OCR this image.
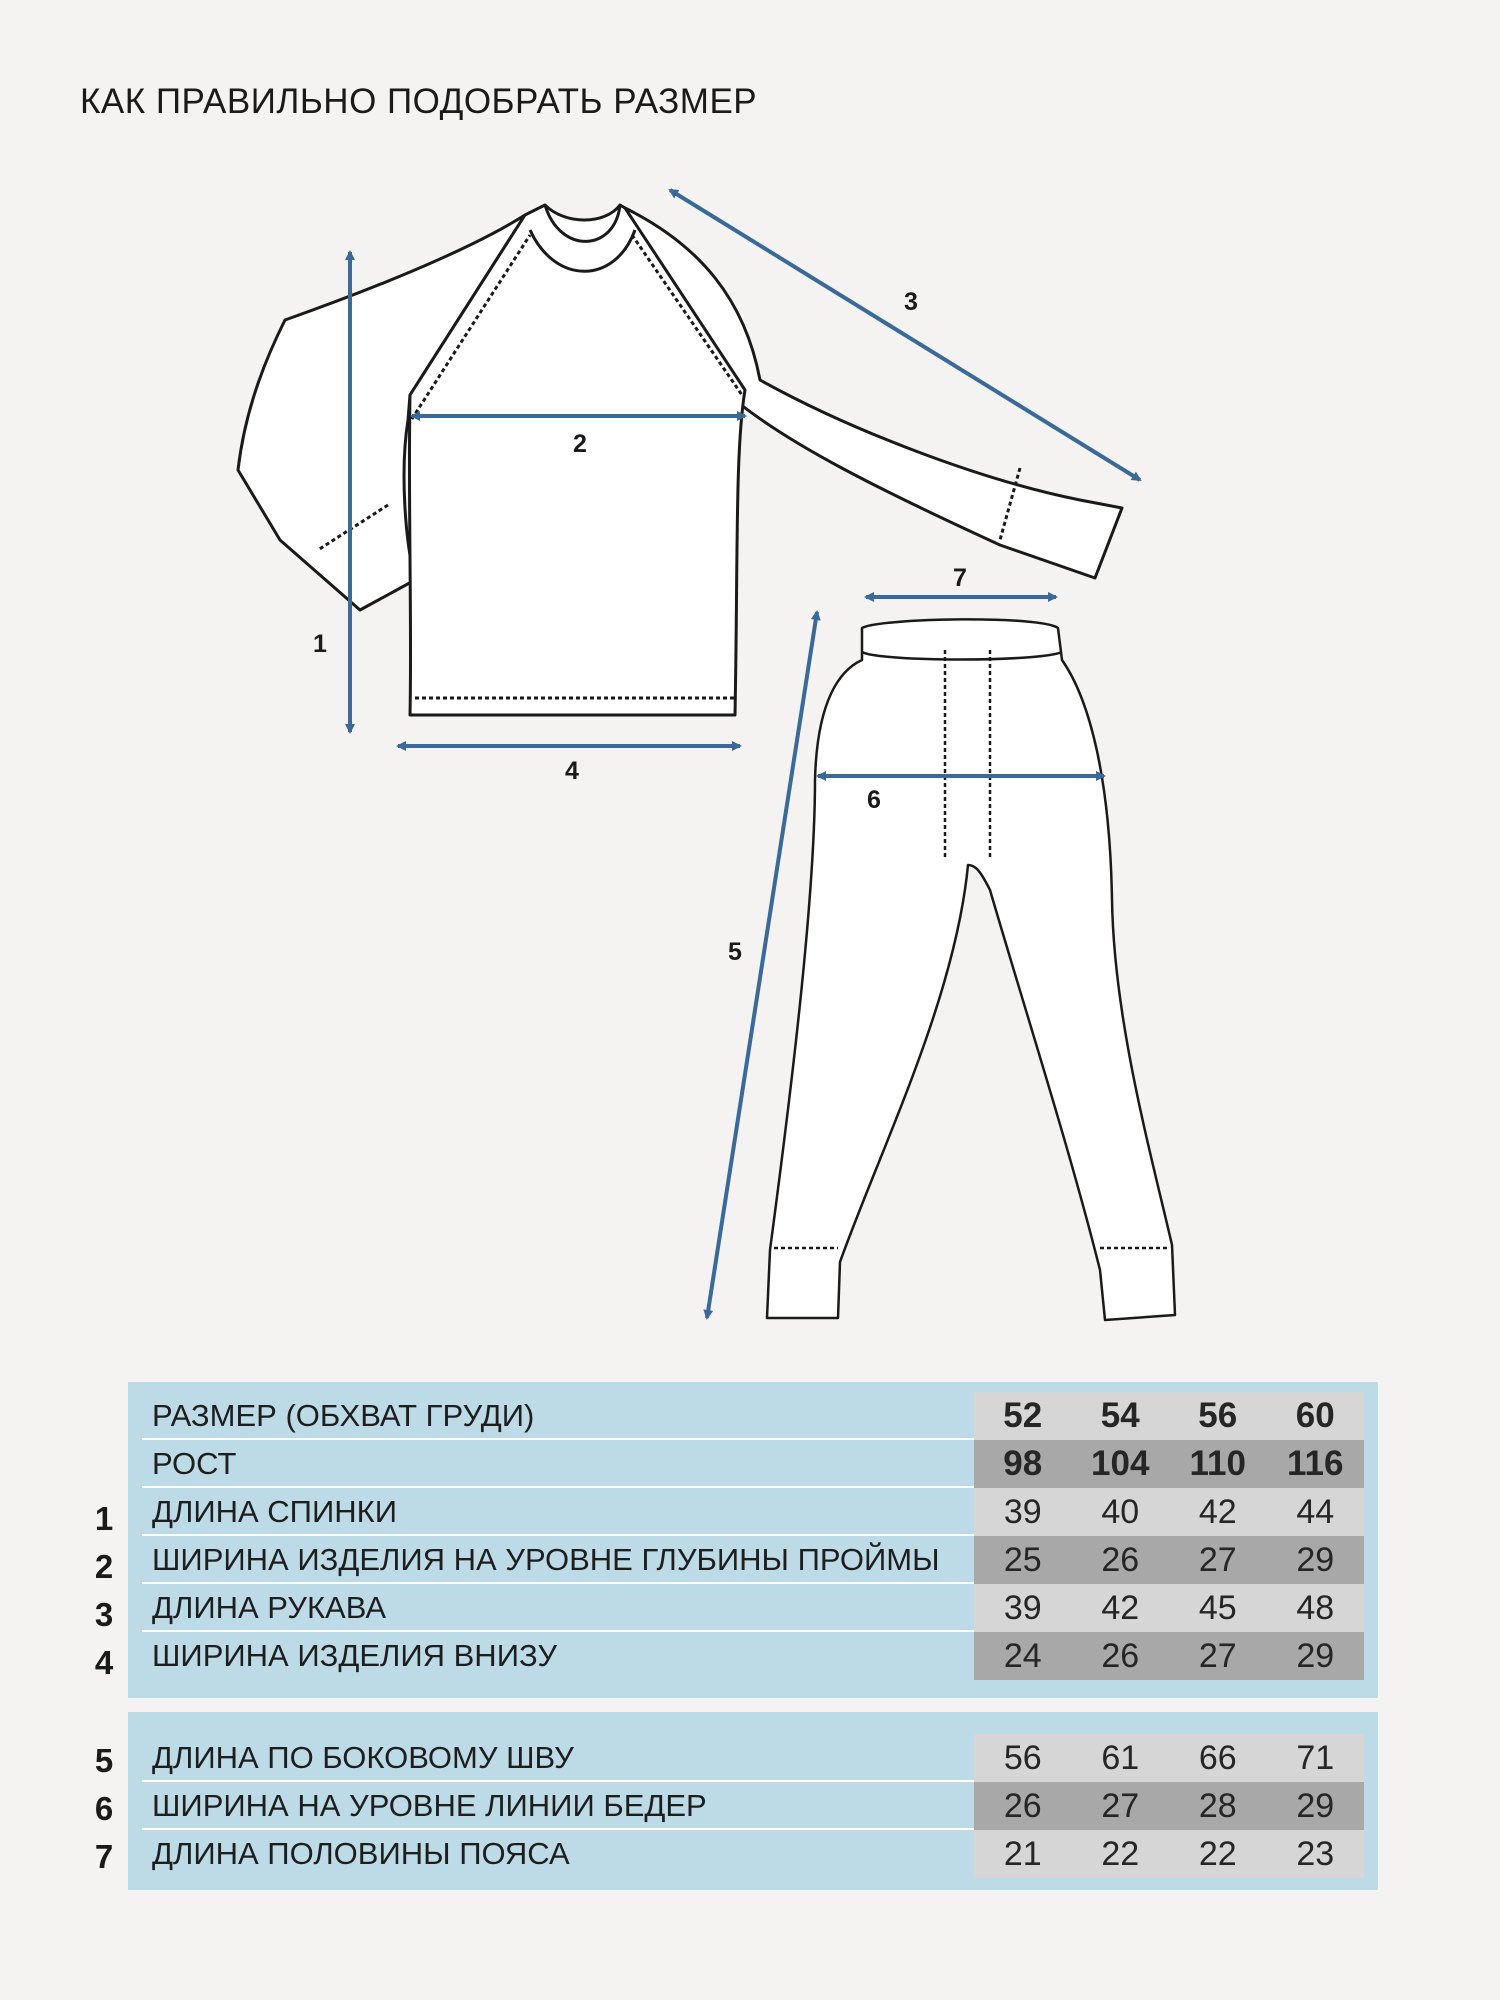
КАК ПРАВИЛЬНО ПОДОБРАТЬ РАЗМЕР
1
2
3
4
5
6
7
РАЗМЕР (ОБХВАТ ГРУДИ)	52	54	56	60
РОСТ	98	104	110	116
ДЛИНА СПИНКИ	39	40	42	44
ШИРИНА ИЗДЕЛИЯ НА УРОВНЕ ГЛУБИНЫ ПРОЙМЫ	25	26	27	29
ДЛИНА РУКАВА	39	42	45	48
ШИРИНА ИЗДЕЛИЯ ВНИЗУ	24	26	27	29
1
2
3
4
ДЛИНА ПО БОКОВОМУ ШВУ	56	61	66	71
ШИРИНА НА УРОВНЕ ЛИНИИ БЕДЕР	26	27	28	29
ДЛИНА ПОЛОВИНЫ ПОЯСА	21	22	22	23
5
6
7
